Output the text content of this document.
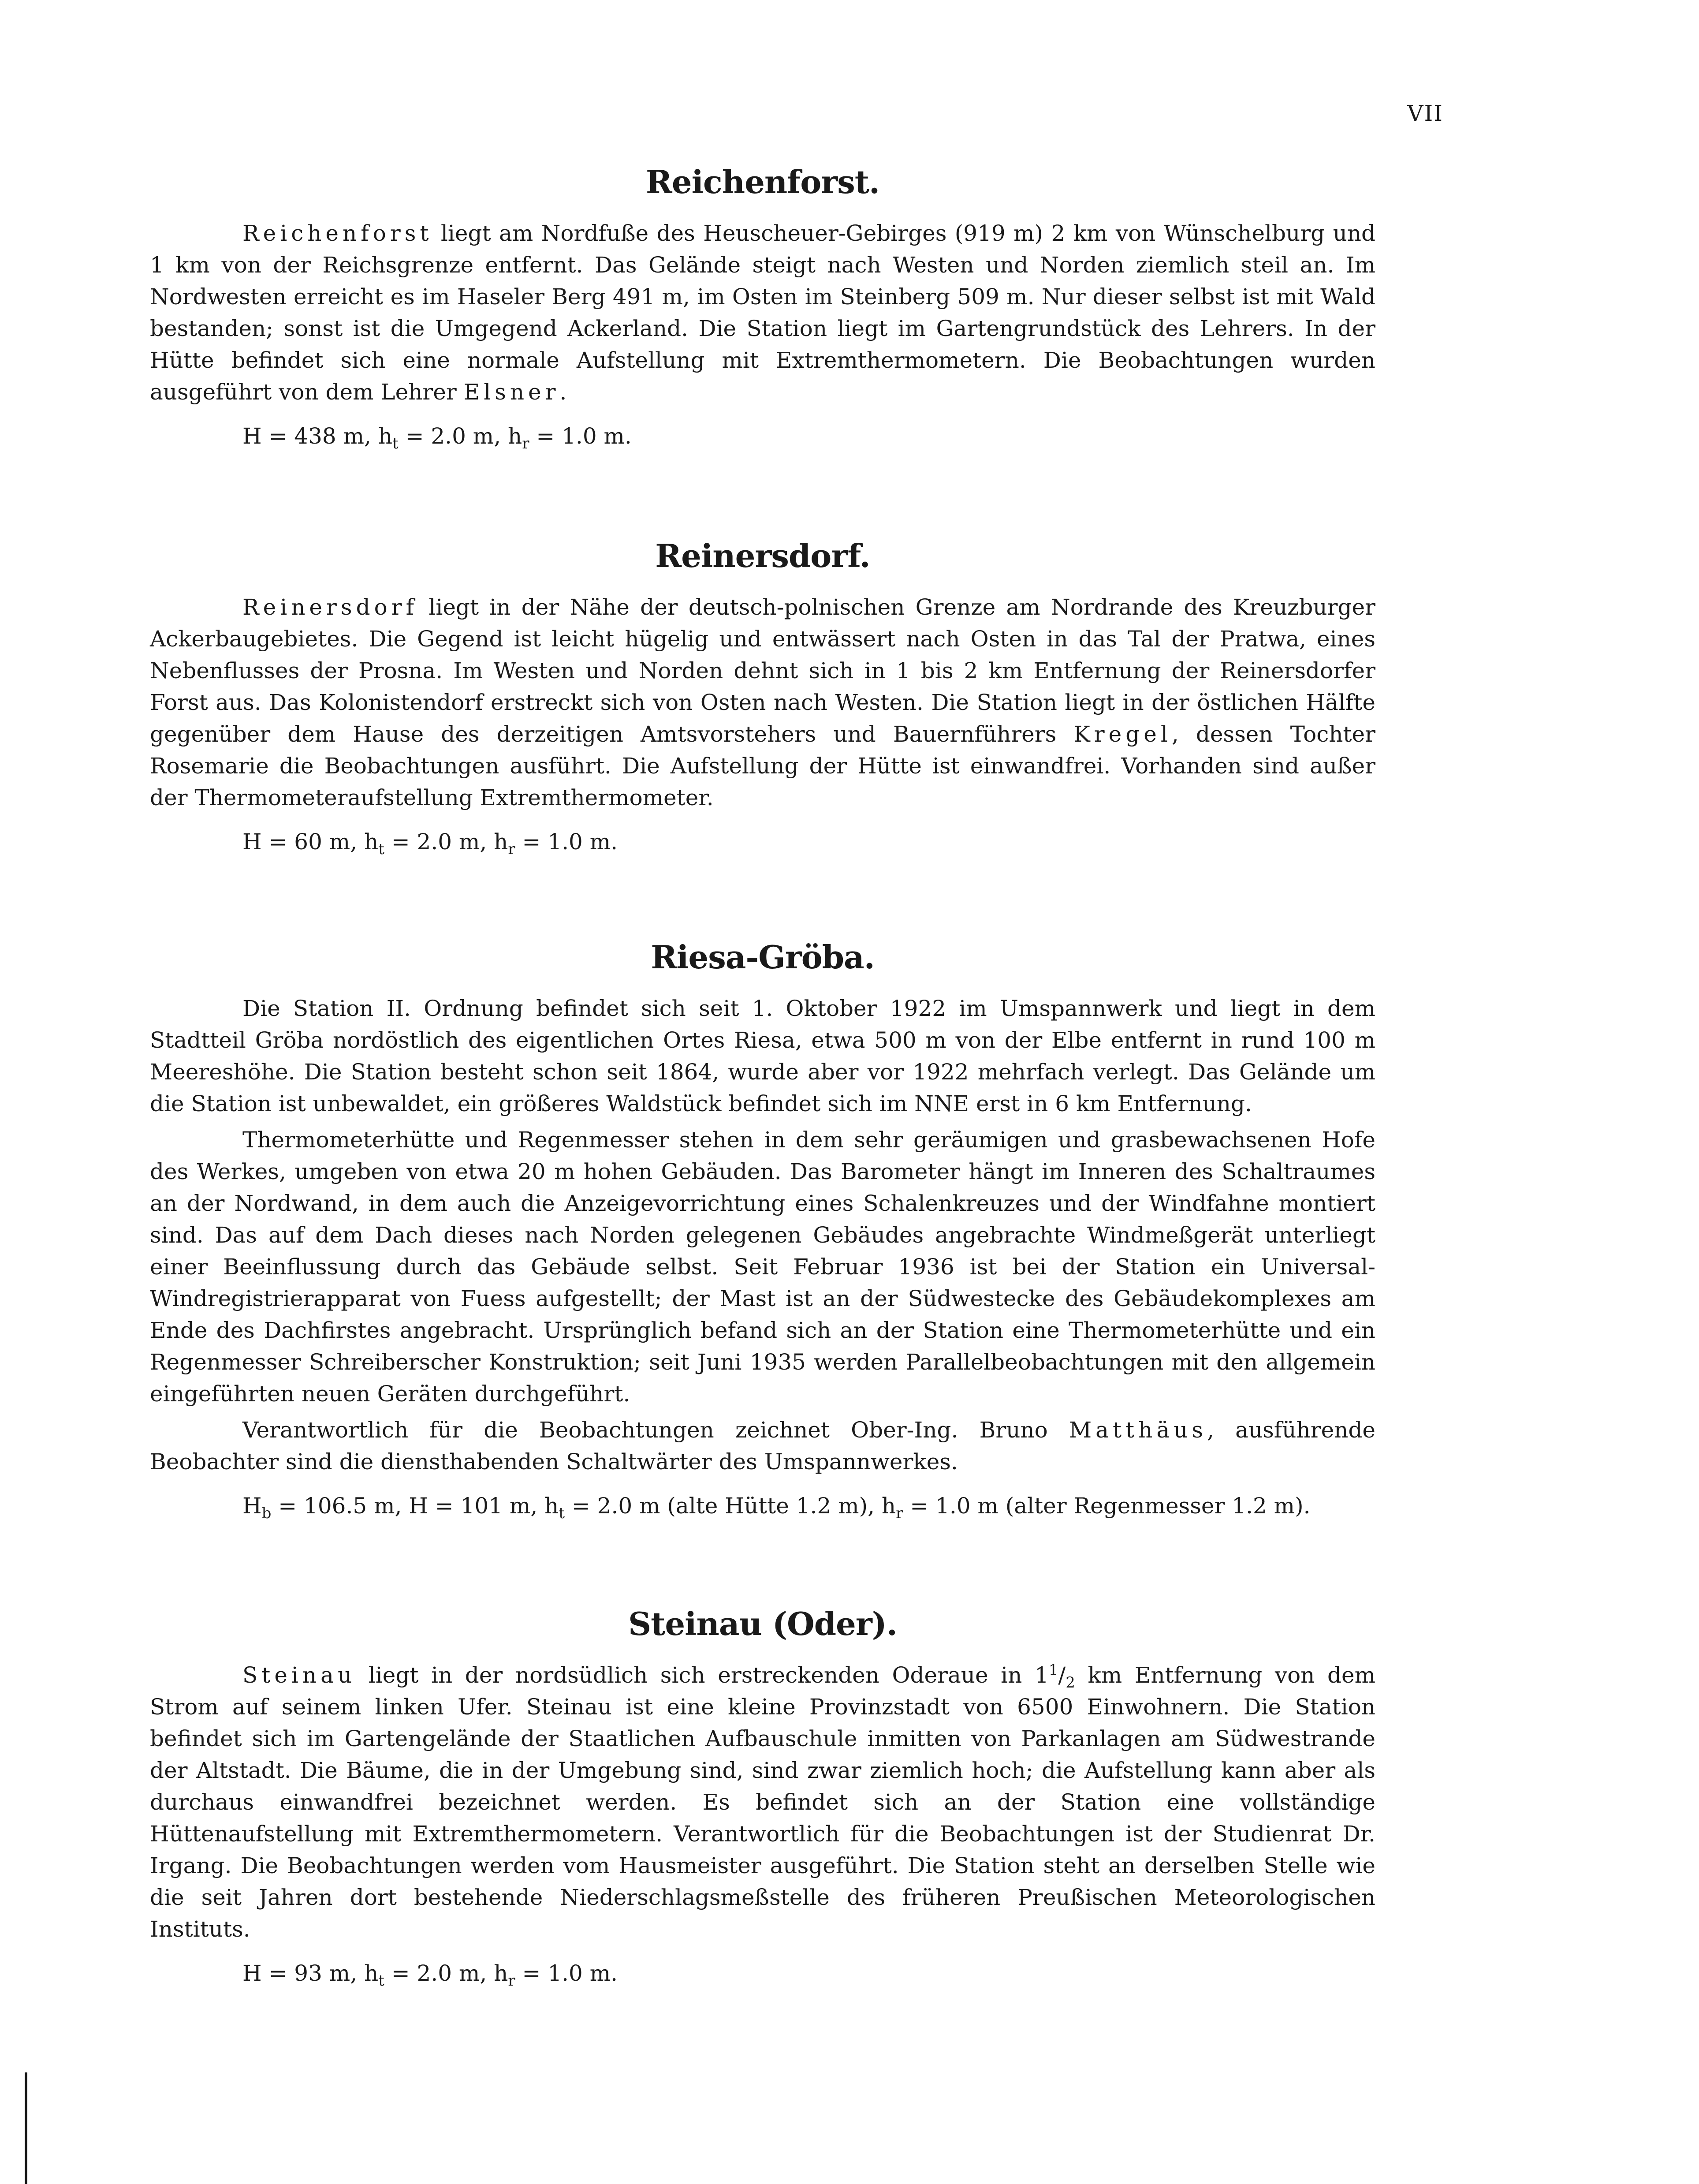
VII
Reichenforst.

Reichenforst liegt am Nordfuße des Heuscheuer-Gebirges (919 m) 2 km von Wünschelburg und 1 km von der Reichsgrenze entfernt. Das Gelände steigt nach Westen und Norden ziemlich steil an. Im Nordwesten erreicht es im Haseler Berg 491 m, im Osten im Steinberg 509 m. Nur dieser selbst ist mit Wald bestanden; sonst ist die Umgegend Ackerland. Die Station liegt im Gartengrundstück des Lehrers. In der Hütte befindet sich eine normale Aufstellung mit Extremthermometern. Die Beobachtungen wurden ausgeführt von dem Lehrer Elsner.

H = 438 m, $h_t = 2.0$ m, $h_r = 1.0$ m.
Reinersdorf.

Reinersdorf liegt in der Nähe der deutsch-polnischen Grenze am Nordrande des Kreuzburger Ackerbaugebietes. Die Gegend ist leicht hügelig und entwässert nach Osten in das Tal der Pratwa, eines Nebenflusses der Prosna. Im Westen und Norden dehnt sich in 1 bis 2 km Entfernung der Reinersdorfer Forst aus. Das Kolonistendorf erstreckt sich von Osten nach Westen. Die Station liegt in der östlichen Hälfte gegenüber dem Hause des derzeitigen Amtsvorstehers und Bauernführers Kregel, dessen Tochter Rosemarie die Beobachtungen ausführt. Die Aufstellung der Hütte ist einwandfrei. Vorhanden sind außer der Thermometeraufstellung Extremthermometer.

H = 60 m, $h_t = 2.0$ m, $h_r = 1.0$ m.
Riesa-Gröba.

Die Station II. Ordnung befindet sich seit 1. Oktober 1922 im Umspannwerk und liegt in dem Stadtteil Gröba nordöstlich des eigentlichen Ortes Riesa, etwa 500 m von der Elbe entfernt in rund 100 m Meereshöhe. Die Station besteht schon seit 1864, wurde aber vor 1922 mehrfach verlegt. Das Gelände um die Station ist unbewaldet, ein größeres Waldstück befindet sich im NNE erst in 6 km Entfernung.

Thermometerhütte und Regenmesser stehen in dem sehr geräumigen und grasbewachsenen Hofe des Werkes, umgeben von etwa 20 m hohen Gebäuden. Das Barometer hängt im Inneren des Schaltraumes an der Nordwand, in dem auch die Anzeigevorrichtung eines Schalenkreuzes und der Windfahne montiert sind. Das auf dem Dach dieses nach Norden gelegenen Gebäudes angebrachte Windmeßgerät unterliegt einer Beeinflussung durch das Gebäude selbst. Seit Februar 1936 ist bei der Station ein Universal-Windregistrierapparat von Fuess aufgestellt; der Mast ist an der Südwestecke des Gebäudekomplexes am Ende des Dachfirstes angebracht. Ursprünglich befand sich an der Station eine Thermometerhütte und ein Regenmesser Schreiberscher Konstruktion; seit Juni 1935 werden Parallelbeobachtungen mit den allgemein eingeführten neuen Geräten durchgeführt.

Verantwortlich für die Beobachtungen zeichnet Ober-Ing. Bruno Matthäus, ausführende Beobachter sind die diensthabenden Schaltwärter des Umspannwerkes.

$H_b = 106.5$ m, H = 101 m, $h_t = 2.0$ m (alte Hütte 1.2 m), $h_r = 1.0$ m (alter Regenmesser 1.2 m).
Steinau (Oder).

Steinau liegt in der nordsüdlich sich erstreckenden Oderaue in $1^1/_2$ km Entfernung von dem Strom auf seinem linken Ufer. Steinau ist eine kleine Provinzstadt von 6500 Einwohnern. Die Station befindet sich im Gartengelände der Staatlichen Aufbauschule inmitten von Parkanlagen am Südwestrande der Altstadt. Die Bäume, die in der Umgebung sind, sind zwar ziemlich hoch; die Aufstellung kann aber als durchaus einwandfrei bezeichnet werden. Es befindet sich an der Station eine vollständige Hüttenaufstellung mit Extremthermometern. Verantwortlich für die Beobachtungen ist der Studienrat Dr. Irgang. Die Beobachtungen werden vom Hausmeister ausgeführt. Die Station steht an derselben Stelle wie die seit Jahren dort bestehende Niederschlagsmeßstelle des früheren Preußischen Meteorologischen Instituts.

H = 93 m, $h_t = 2.0$ m, $h_r = 1.0$ m.
